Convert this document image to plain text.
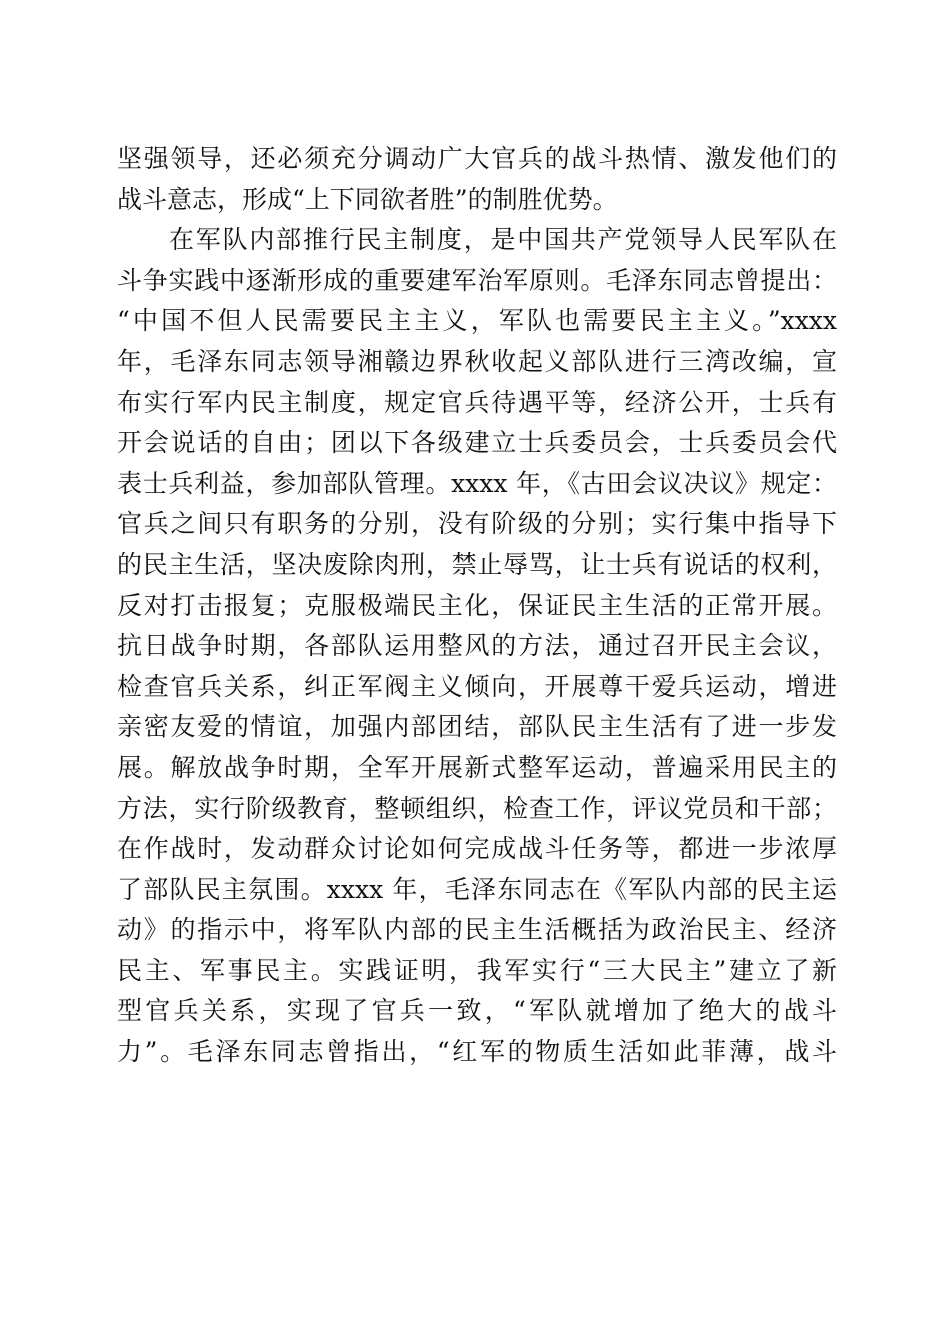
坚强领导，还必须充分调动广大官兵的战斗热情、激发他们的
战斗意志，形成“上下同欲者胜”的制胜优势。
在军队内部推行民主制度，是中国共产党领导人民军队在
斗争实践中逐渐形成的重要建军治军原则。毛泽东同志曾提出：
“中国不但人民需要民主主义，军队也需要民主主义。”xxxx
年，毛泽东同志领导湘赣边界秋收起义部队进行三湾改编，宣
布实行军内民主制度，规定官兵待遇平等，经济公开，士兵有
开会说话的自由；团以下各级建立士兵委员会，士兵委员会代
表士兵利益，参加部队管理。xxxx 年，《古田会议决议》规定：
官兵之间只有职务的分别，没有阶级的分别；实行集中指导下
的民主生活，坚决废除肉刑，禁止辱骂，让士兵有说话的权利，
反对打击报复；克服极端民主化，保证民主生活的正常开展。
抗日战争时期，各部队运用整风的方法，通过召开民主会议，
检查官兵关系，纠正军阀主义倾向，开展尊干爱兵运动，增进
亲密友爱的情谊，加强内部团结，部队民主生活有了进一步发
展。解放战争时期，全军开展新式整军运动，普遍采用民主的
方法，实行阶级教育，整顿组织，检查工作，评议党员和干部；
在作战时，发动群众讨论如何完成战斗任务等，都进一步浓厚
了部队民主氛围。xxxx 年，毛泽东同志在《军队内部的民主运
动》的指示中，将军队内部的民主生活概括为政治民主、经济
民主、军事民主。实践证明，我军实行“三大民主”建立了新
型官兵关系，实现了官兵一致，“军队就增加了绝大的战斗
力”。毛泽东同志曾指出，“红军的物质生活如此菲薄，战斗
